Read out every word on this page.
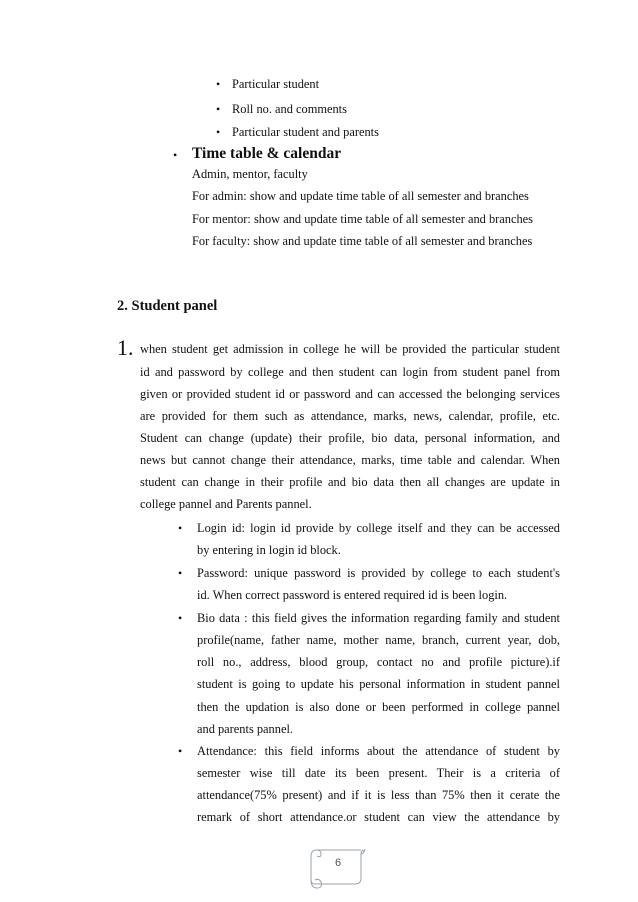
• Particular student
• Roll no. and comments
• Particular student and parents
• Time table & calendar
Admin, mentor, faculty
For admin: show and update time table of all semester and branches
For mentor: show and update time table of all semester and branches
For faculty: show and update time table of all semester and branches
2. Student panel
1. when student get admission in college he will be provided the particular student
id and password by college and then student can login from student panel from
given or provided student id or password and can accessed the belonging services
are provided for them such as attendance, marks, news, calendar, profile, etc.
Student can change (update) their profile, bio data, personal information, and
news but cannot change their attendance, marks, time table and calendar. When
student can change in their profile and bio data then all changes are update in
college pannel and Parents pannel.
• Login id: login id provide by college itself and they can be accessed
by entering in login id block.
• Password: unique password is provided by college to each student's
id. When correct password is entered required id is been login.
• Bio data : this field gives the information regarding family and student
profile(name, father name, mother name, branch, current year, dob,
roll no., address, blood group, contact no and profile picture).if
student is going to update his personal information in student pannel
then the updation is also done or been performed in college pannel
and parents pannel.
• Attendance: this field informs about the attendance of student by
semester wise till date its been present. Their is a criteria of
attendance(75% present) and if it is less than 75% then it cerate the
remark of short attendance.or student can view the attendance by
6
